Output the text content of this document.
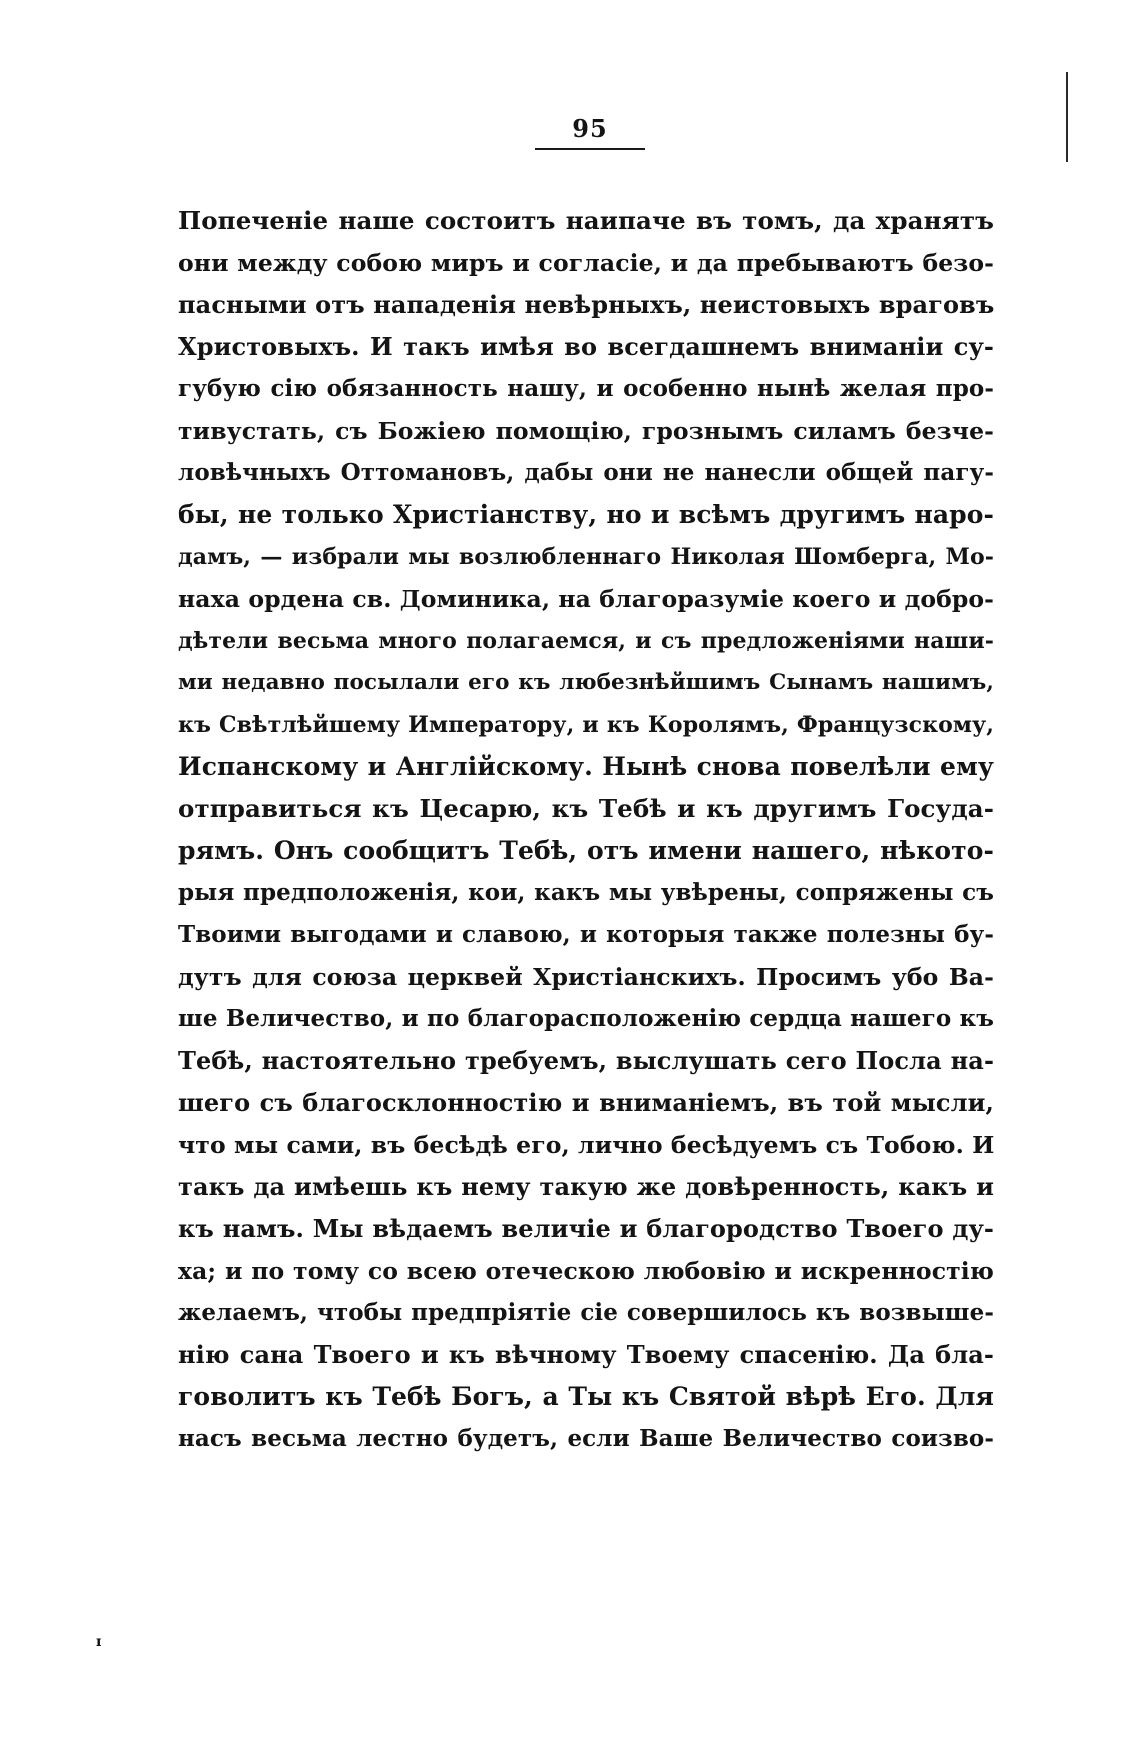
95
Попеченіе наше состоитъ наипаче въ томъ, да хранятъ
они между собою миръ и согласіе, и да пребываютъ безо-
пасными отъ нападенія невѣрныхъ, неистовыхъ враговъ
Христовыхъ. И такъ имѣя во всегдашнемъ вниманіи су-
губую сію обязанность нашу, и особенно нынѣ желая про-
тивустать, съ Божіею помощію, грознымъ силамъ безче-
ловѣчныхъ Оттомановъ, дабы они не нанесли общей пагу-
бы, не только Христіанству, но и всѣмъ другимъ наро-
дамъ, — избрали мы возлюбленнаго Николая Шомберга, Мо-
наха ордена св. Доминика, на благоразуміе коего и добро-
дѣтели весьма много полагаемся, и съ предложеніями наши-
ми недавно посылали его къ любезнѣйшимъ Сынамъ нашимъ,
къ Свѣтлѣйшему Императору, и къ Королямъ, Французскому,
Испанскому и Англійскому. Нынѣ снова повелѣли ему
отправиться къ Цесарю, къ Тебѣ и къ другимъ Госуда-
рямъ. Онъ сообщитъ Тебѣ, отъ имени нашего, нѣкото-
рыя предположенія, кои, какъ мы увѣрены, сопряжены съ
Твоими выгодами и славою, и которыя также полезны бу-
дутъ для союза церквей Христіанскихъ. Просимъ убо Ва-
ше Величество, и по благорасположенію сердца нашего къ
Тебѣ, настоятельно требуемъ, выслушать сего Посла на-
шего съ благосклонностію и вниманіемъ, въ той мысли,
что мы сами, въ бесѣдѣ его, лично бесѣдуемъ съ Тобою. И
такъ да имѣешь къ нему такую же довѣренность, какъ и
къ намъ. Мы вѣдаемъ величіе и благородство Твоего ду-
ха; и по тому со всею отеческою любовію и искренностію
желаемъ, чтобы предпріятіе сіе совершилось къ возвыше-
нію сана Твоего и къ вѣчному Твоему спасенію. Да бла-
говолитъ къ Тебѣ Богъ, а Ты къ Святой вѣрѣ Его. Для
насъ весьма лестно будетъ, если Ваше Величество соизво-
ɪ
